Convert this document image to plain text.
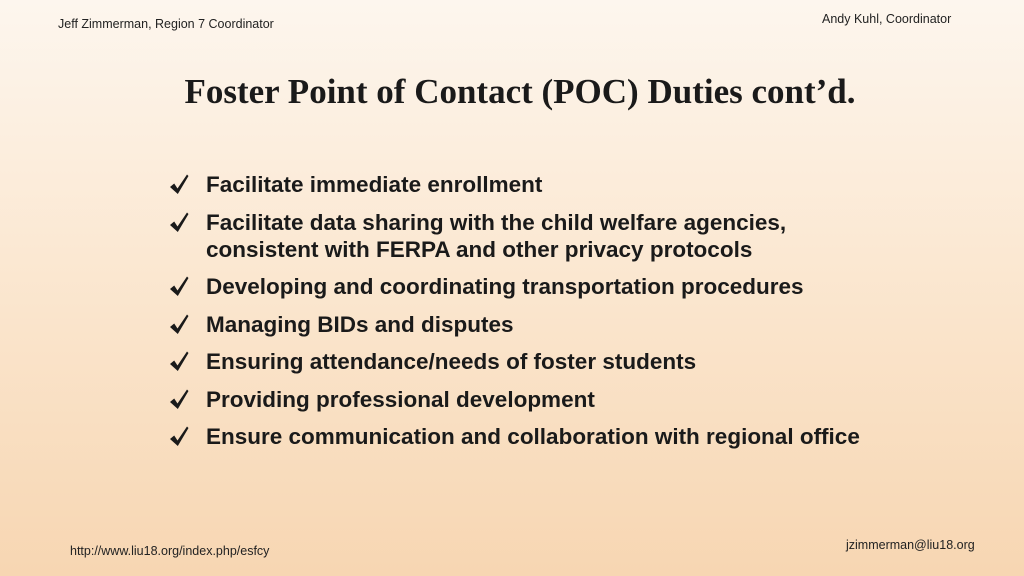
Jeff Zimmerman, Region 7 Coordinator	Andy Kuhl, Coordinator
Foster Point of Contact (POC) Duties cont’d.
Facilitate immediate enrollment
Facilitate data sharing with the child welfare agencies,
consistent with FERPA and other privacy protocols
Developing and coordinating transportation procedures
Managing BIDs and disputes
Ensuring attendance/needs of foster students
Providing professional development
Ensure communication and collaboration with regional office
http://www.liu18.org/index.php/esfcy	jzimmerman@liu18.org
